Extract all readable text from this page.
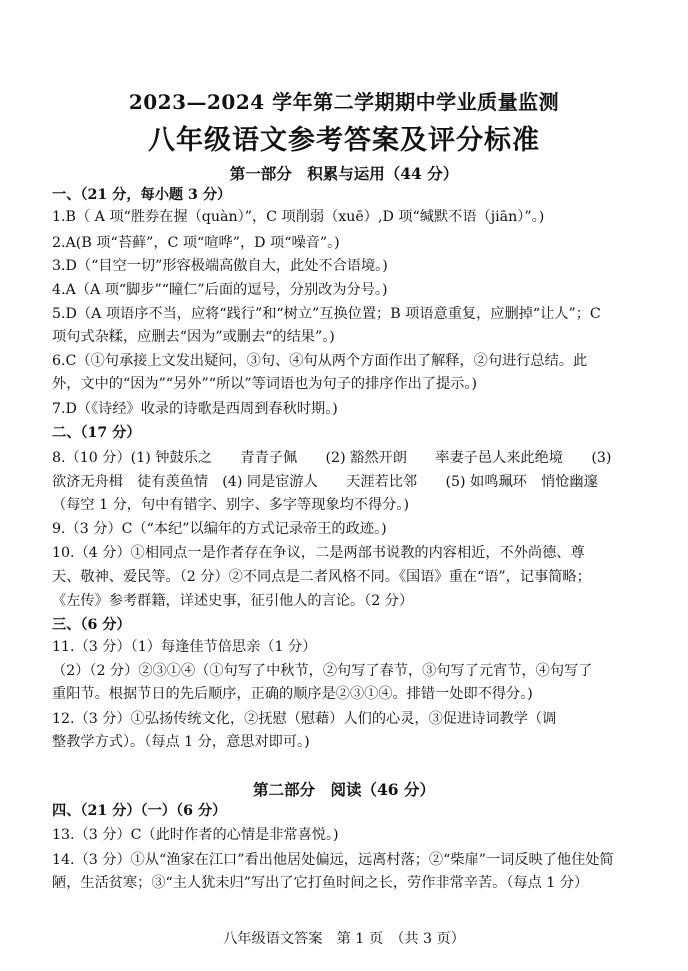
2023—2024 学年第二学期期中学业质量监测
八年级语文参考答案及评分标准
第一部分　积累与运用（44 分）
一、（21 分，每小题 3 分）
1.B（ A 项“胜券在握（quàn）”，C 项削弱（xuē）,D 项“缄默不语（jiān）”。)
2.A(B 项“苔藓”，C 项“喧哗”，D 项“噪音”。)
3.D（“目空一切”形容极端高傲自大，此处不合语境。)
4.A（A 项“脚步”“瞳仁”后面的逗号，分别改为分号。)
5.D（A 项语序不当，应将“践行”和“树立”互换位置；B 项语意重复，应删掉“让人”；C
项句式杂糅，应删去“因为”或删去“的结果”。)
6.C（①句承接上文发出疑问，③句、④句从两个方面作出了解释，②句进行总结。此
外，文中的“因为”“另外”“所以”等词语也为句子的排序作出了提示。)
7.D（《诗经》收录的诗歌是西周到春秋时期。)
二、（17 分）
8.（10 分）(1) 钟鼓乐之　　青青子佩　　(2) 豁然开朗　　率妻子邑人来此绝境　　(3)
欲济无舟楫　徒有羡鱼情　(4) 同是宦游人　　天涯若比邻　　(5) 如鸣珮环　悄怆幽邃
（每空 1 分，句中有错字、别字、多字等现象均不得分。)
9.（3 分）C（“本纪”以编年的方式记录帝王的政迹。)
10.（4 分）①相同点一是作者存在争议，二是两部书说教的内容相近，不外尚德、尊
天、敬神、爱民等。（2 分）②不同点是二者风格不同。《国语》重在“语”，记事简略；
《左传》参考群籍，详述史事，征引他人的言论。（2 分）
三、（6 分）
11.（3 分）（1）每逢佳节倍思亲（1 分）
（2）（2 分）②③①④（①句写了中秋节，②句写了春节，③句写了元宵节，④句写了
重阳节。根据节日的先后顺序，正确的顺序是②③①④。排错一处即不得分。)
12.（3 分）①弘扬传统文化，②抚慰（慰藉）人们的心灵，③促进诗词教学（调
整教学方式）。（每点 1 分，意思对即可。)
第二部分　阅读（46 分）
四、（21 分）（一）（6 分）
13.（3 分）C（此时作者的心情是非常喜悦。)
14.（3 分）①从“渔家在江口”看出他居处偏远，远离村落；②“柴扉”一词反映了他住处简
陋，生活贫寒；③“主人犹未归”写出了它打鱼时间之长，劳作非常辛苦。（每点 1 分）
八年级语文答案　第 1 页　（共 3 页）
